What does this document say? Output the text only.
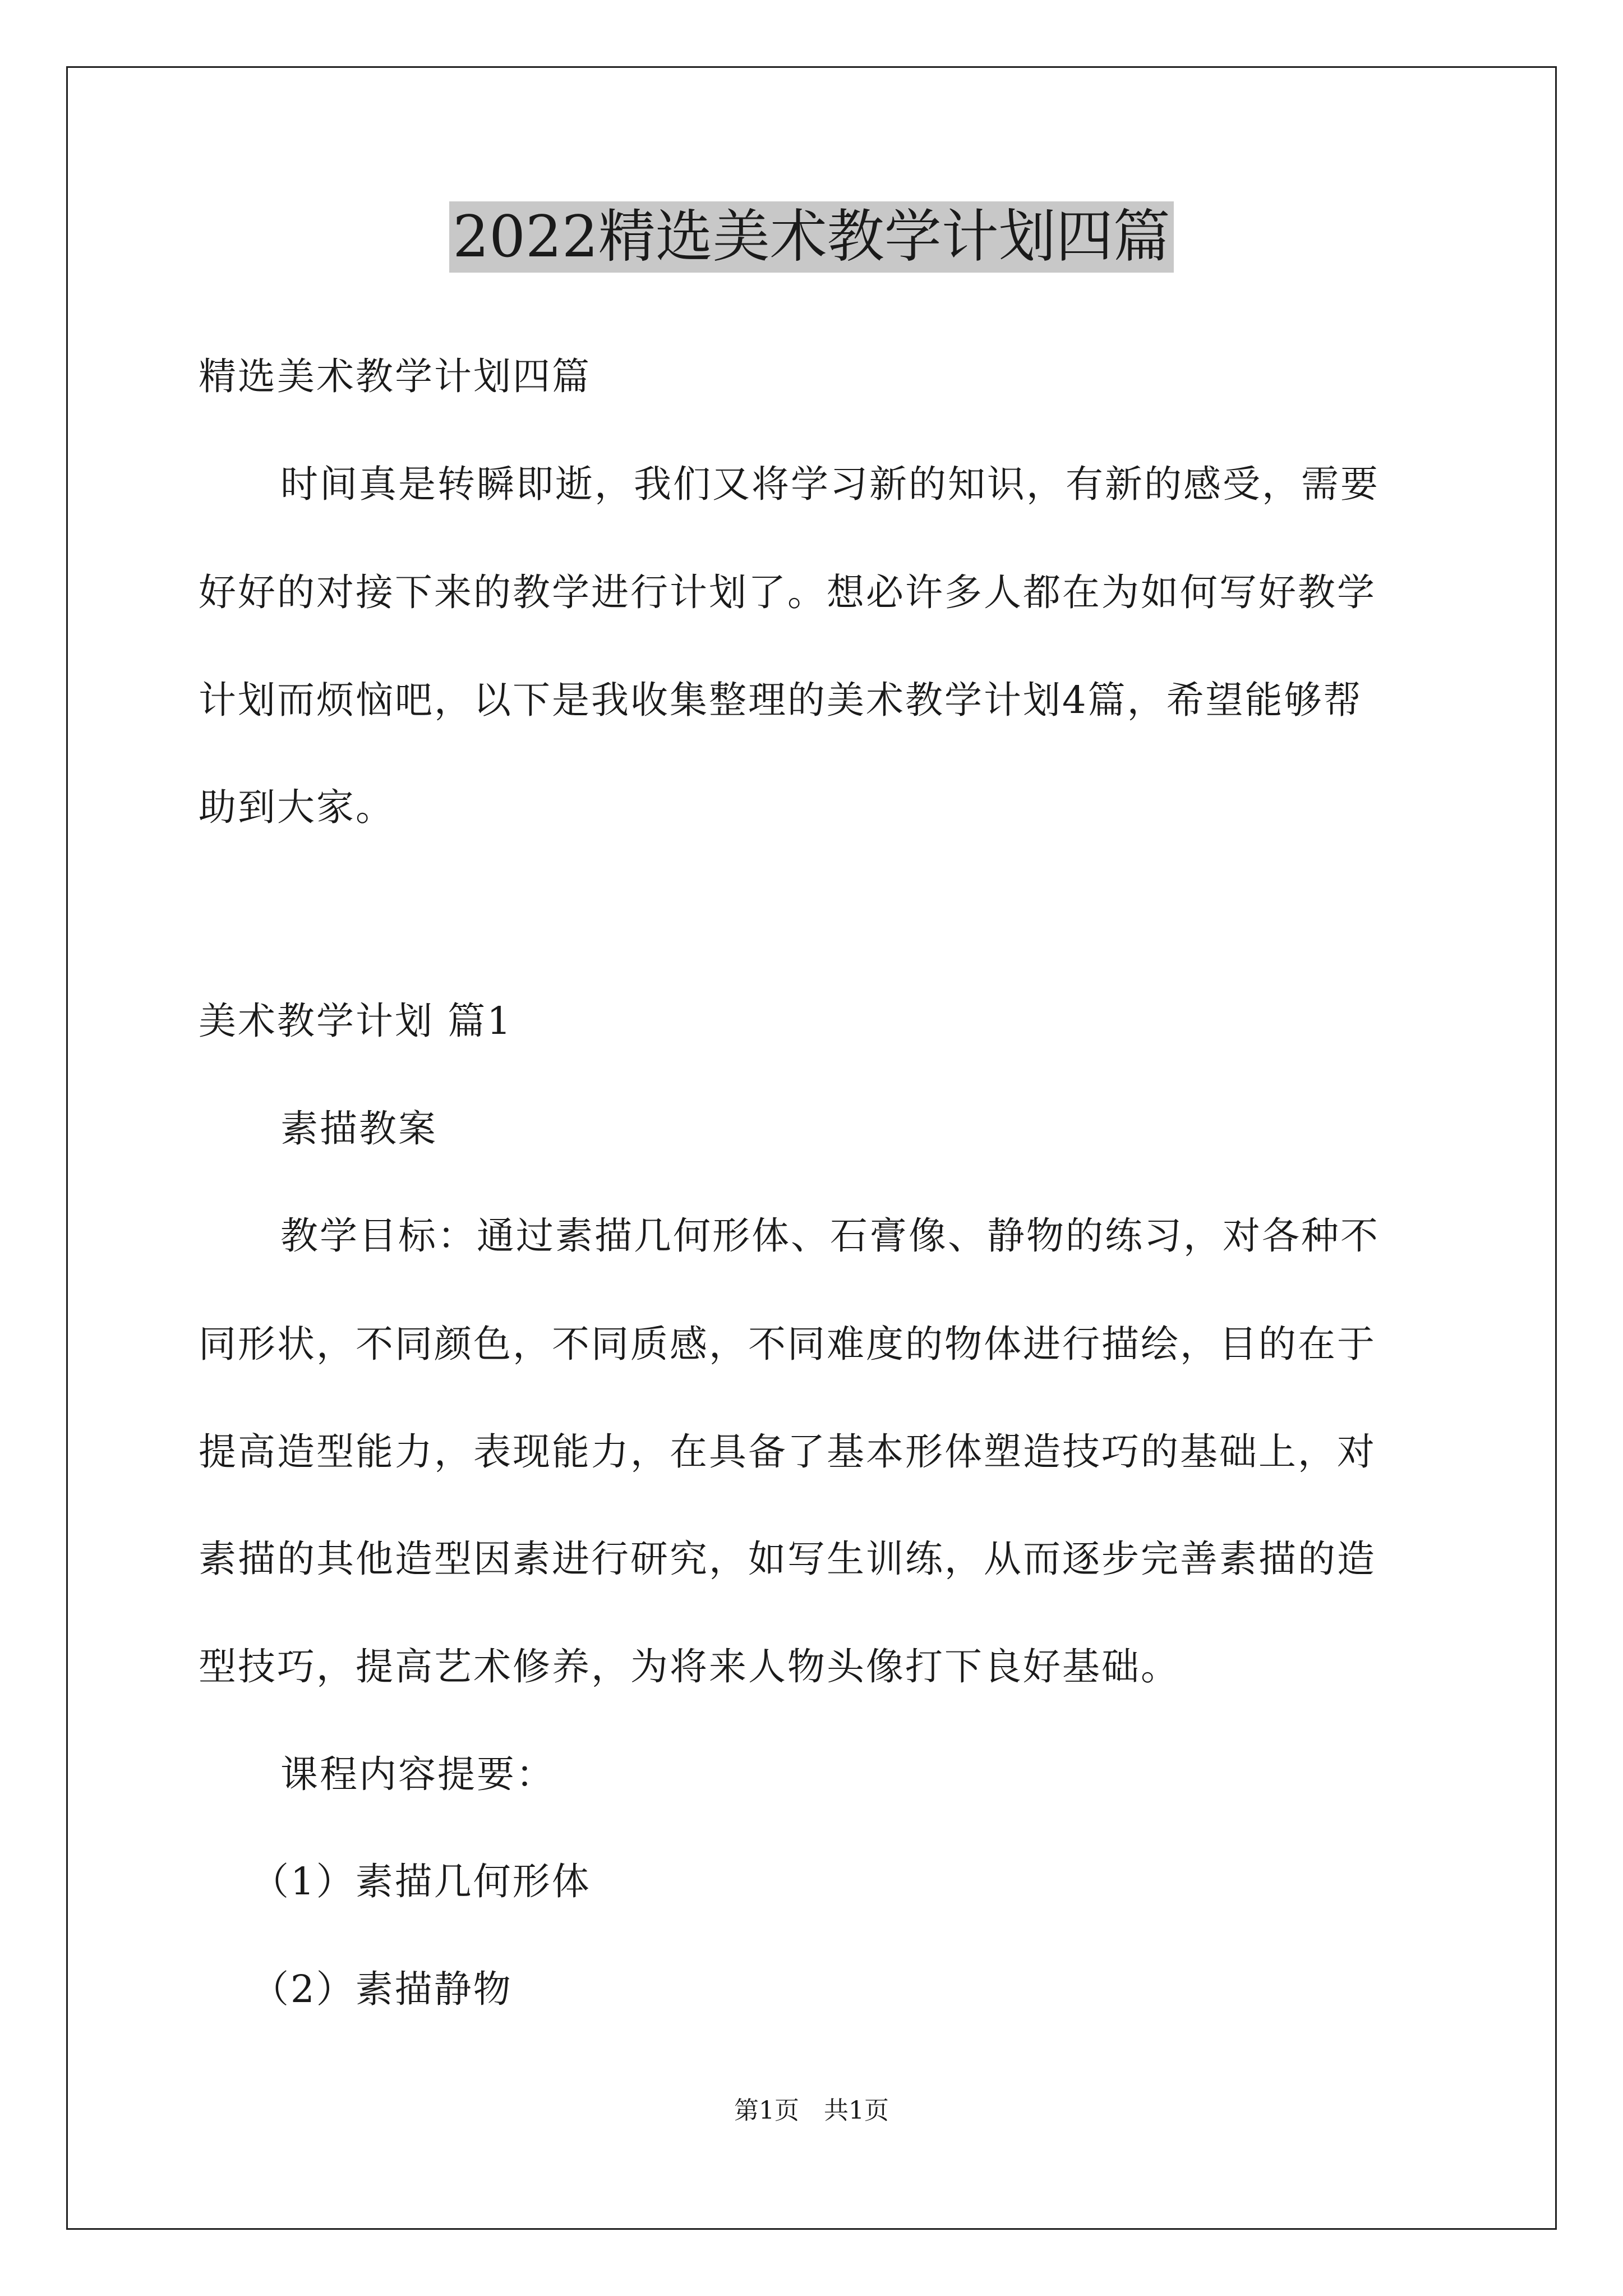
2022精选美术教学计划四篇
精选美术教学计划四篇
时间真是转瞬即逝，我们又将学习新的知识，有新的感受，需要
好好的对接下来的教学进行计划了。想必许多人都在为如何写好教学
计划而烦恼吧，以下是我收集整理的美术教学计划4篇，希望能够帮
助到大家。
美术教学计划 篇1
素描教案
教学目标：通过素描几何形体、石膏像、静物的练习，对各种不
同形状，不同颜色，不同质感，不同难度的物体进行描绘，目的在于
提高造型能力，表现能力，在具备了基本形体塑造技巧的基础上，对
素描的其他造型因素进行研究，如写生训练，从而逐步完善素描的造
型技巧，提高艺术修养，为将来人物头像打下良好基础。
课程内容提要：
（1）素描几何形体
（2）素描静物
第1页　共1页
